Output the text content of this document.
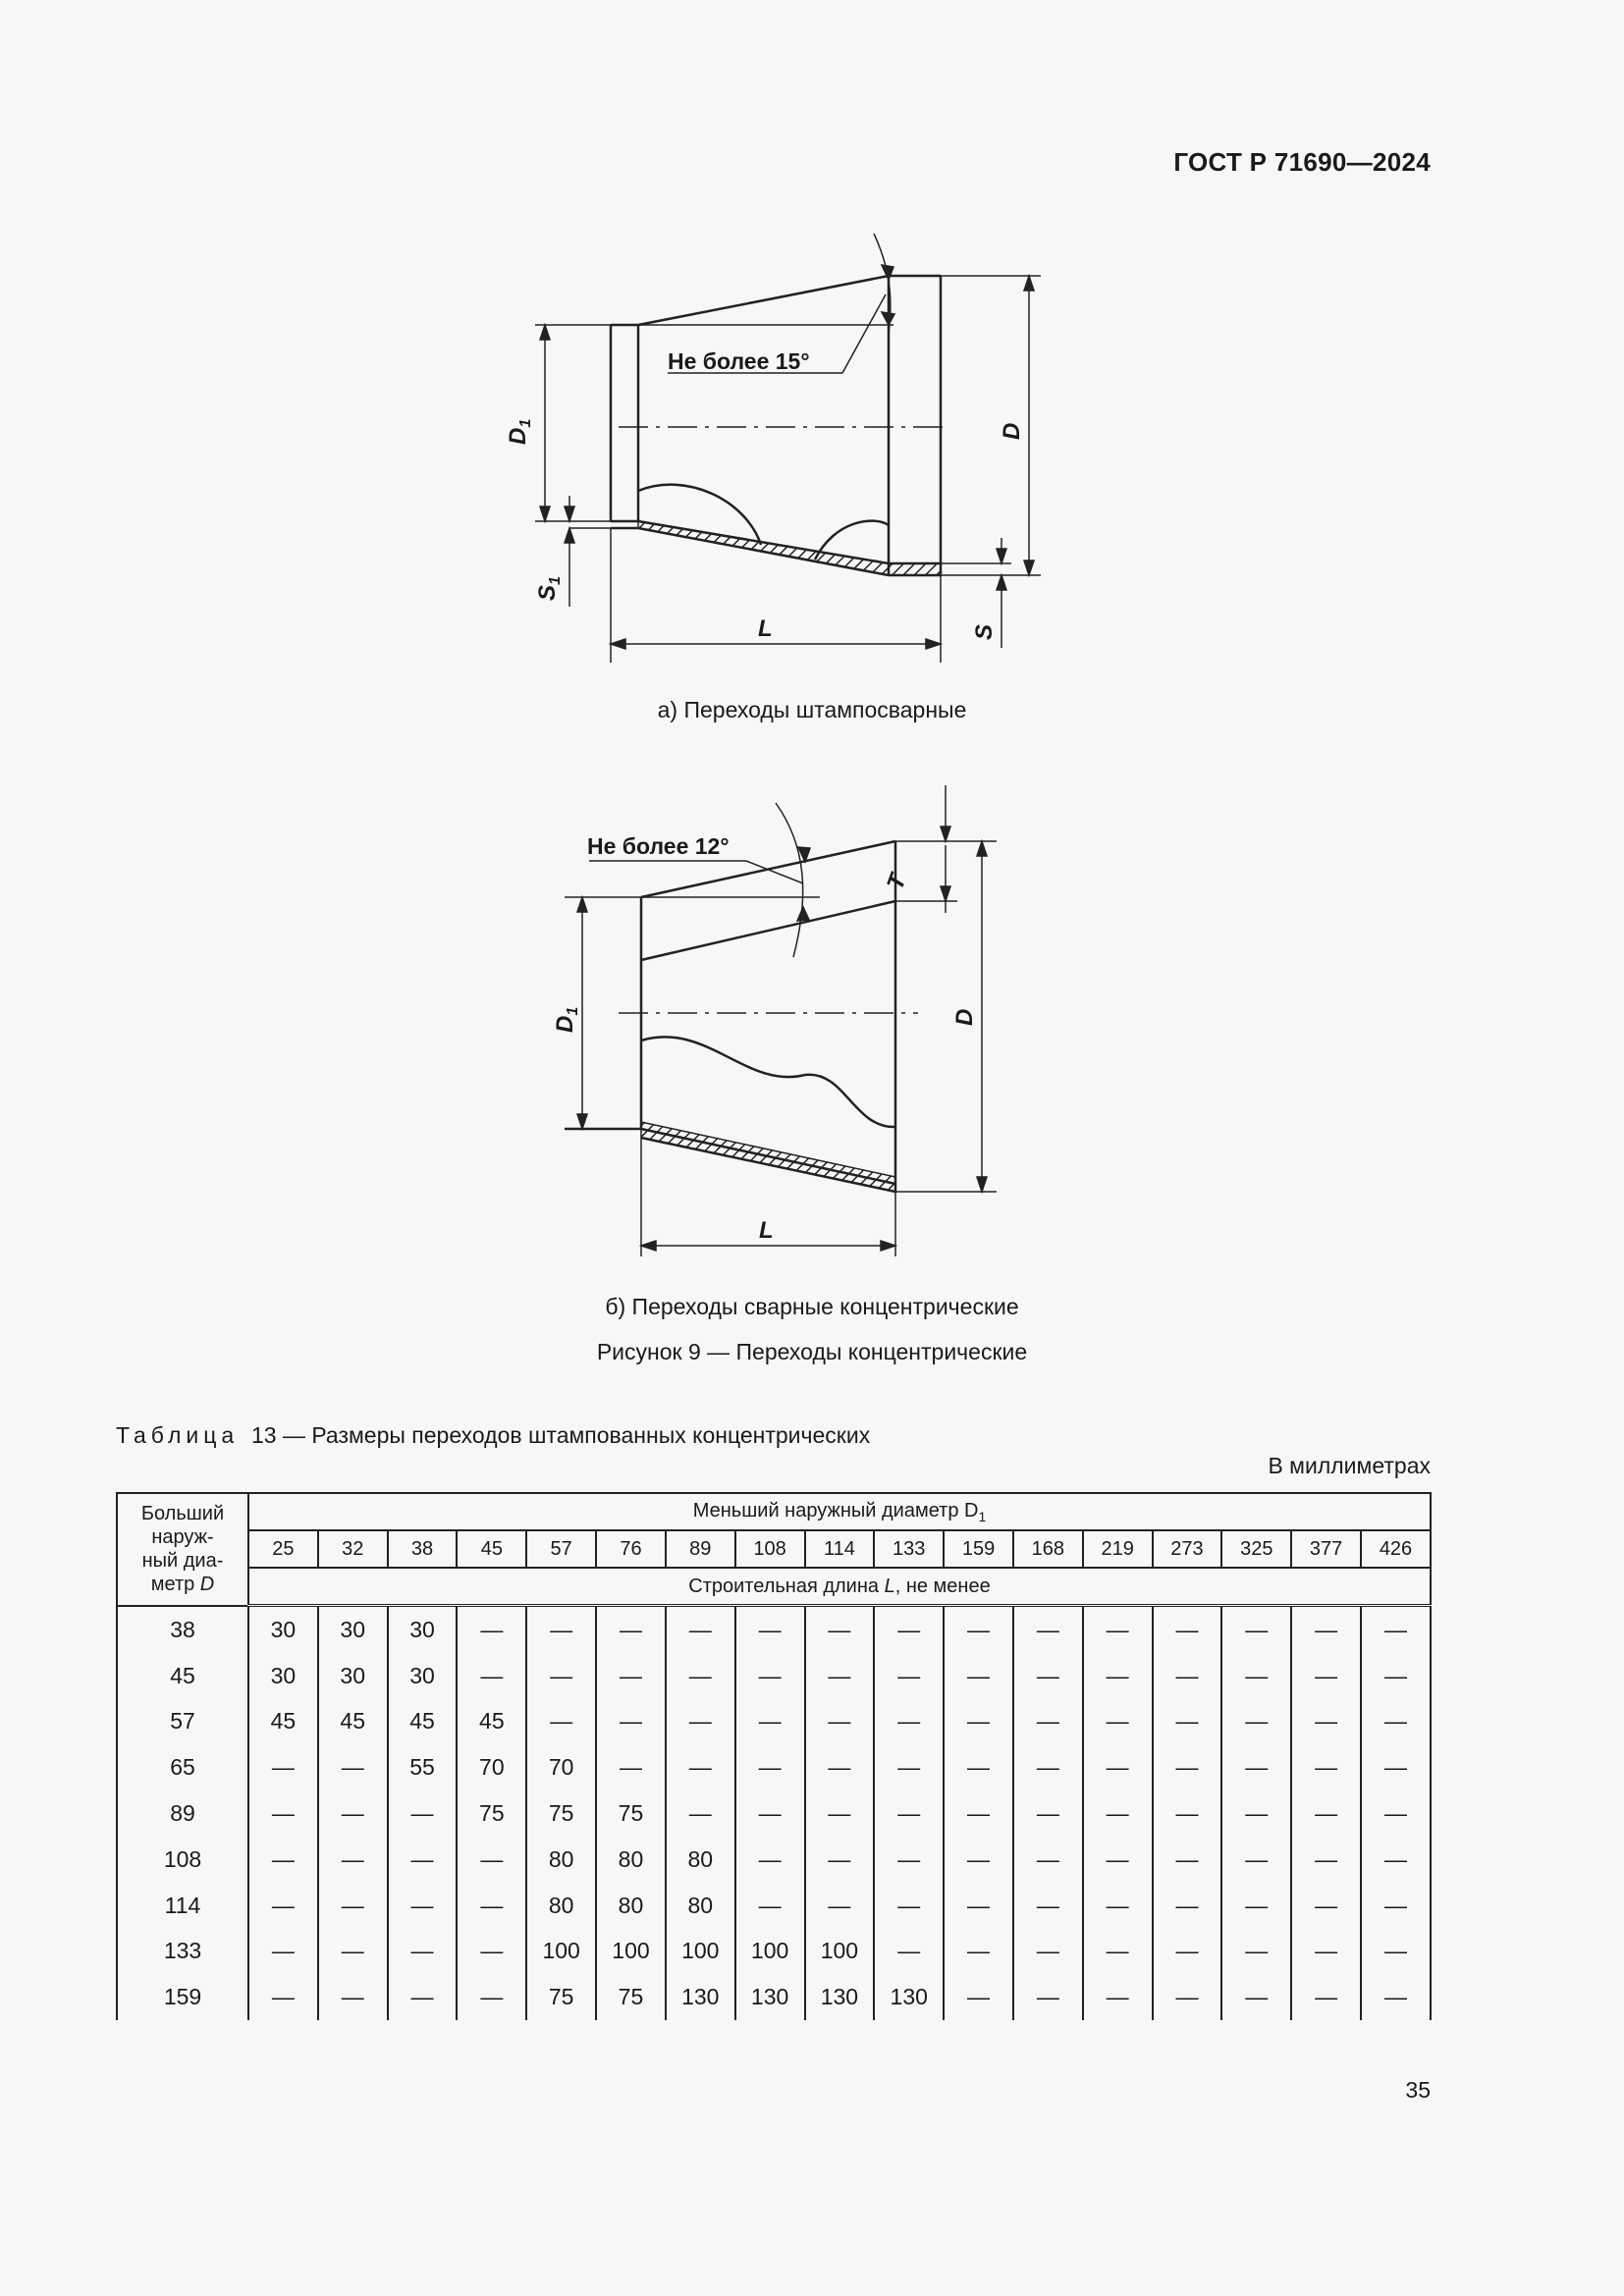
ГОСТ Р 71690—2024
Не более 15°
$D_1$
$S_1$
D
S
L
а) Переходы штампосварные
Не более 12°
$D_1$	D
T
L
б) Переходы сварные концентрические
Рисунок 9 — Переходы концентрические
Таблица 13 — Размеры переходов штампованных концентрических
В миллиметрах
Больший
наруж-
ный диа-
метр D	Меньший наружный диаметр $D_1$
	25	32	38	45	57	76	89	108	114	133	159	168	219	273	325	377	426
	Строительная длина L, не менее																
38	30	30	30	—	—	—	—	—	—	—	—	—	—	—	—	—	—
45	30	30	30	—	—	—	—	—	—	—	—	—	—	—	—	—	—
57	45	45	45	45	—	—	—	—	—	—	—	—	—	—	—	—	—
65	—	—	55	70	70	—	—	—	—	—	—	—	—	—	—	—	—
89	—	—	—	75	75	75	—	—	—	—	—	—	—	—	—	—	—
108	—	—	—	—	80	80	80	—	—	—	—	—	—	—	—	—	—
114	—	—	—	—	80	80	80	—	—	—	—	—	—	—	—	—	—
133	—	—	—	—	100	100	100	100	100	—	—	—	—	—	—	—	—
159	—	—	—	—	75	75	130	130	130	130	—	—	—	—	—	—	—
35
